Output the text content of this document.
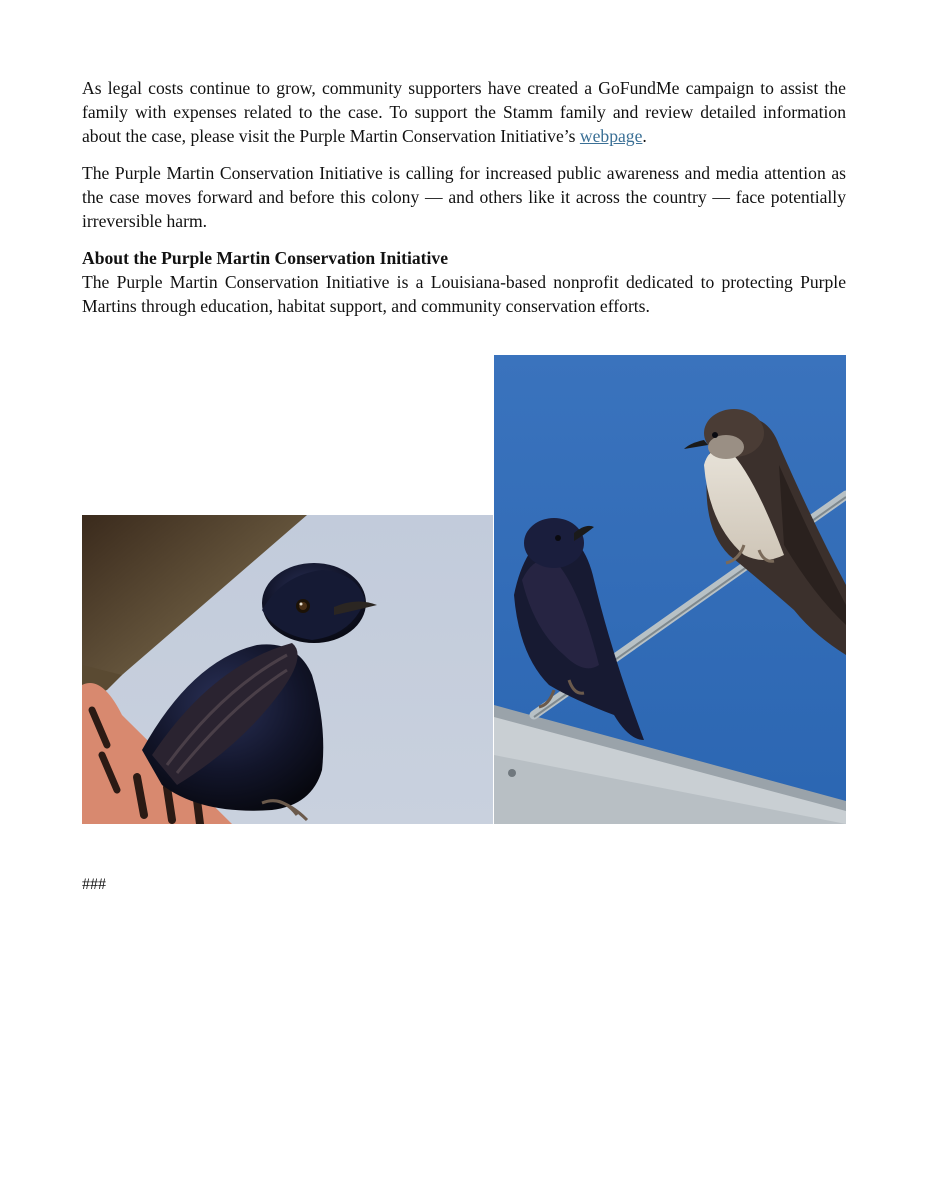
As legal costs continue to grow, community supporters have created a GoFundMe campaign to assist the family with expenses related to the case. To support the Stamm family and review detailed information about the case, please visit the Purple Martin Conservation Initiative’s webpage.

The Purple Martin Conservation Initiative is calling for increased public awareness and media attention as the case moves forward and before this colony — and others like it across the country — face potentially irreversible harm.

About the Purple Martin Conservation Initiative
The Purple Martin Conservation Initiative is a Louisiana-based nonprofit dedicated to protecting Purple Martins through education, habitat support, and community conservation efforts.
###
